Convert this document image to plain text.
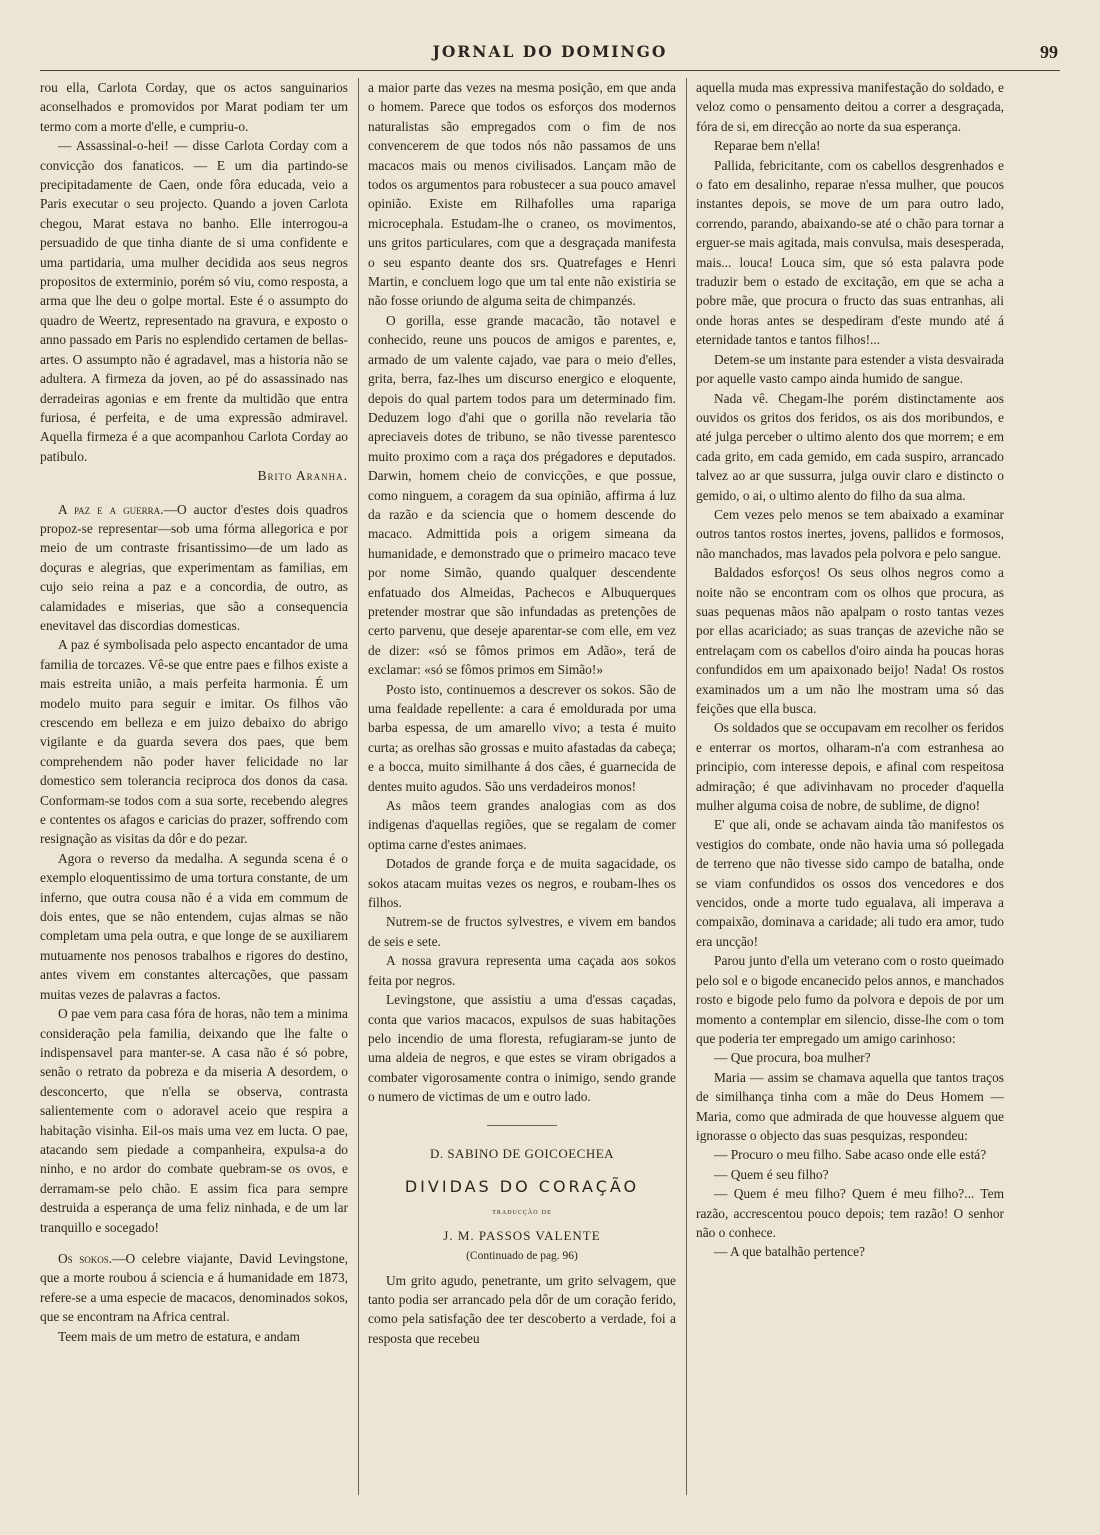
JORNAL DO DOMINGO	99

rou ella, Carlota Corday, que os actos sanguinarios aconselhados e promovidos por Marat podiam ter um termo com a morte d'elle, e cumpriu-o.

— Assassinal-o-hei! — disse Carlota Corday com a convicção dos fanaticos. — E um dia partindo-se precipitadamente de Caen, onde fôra educada, veio a Paris executar o seu projecto. Quando a joven Carlota chegou, Marat estava no banho. Elle interrogou-a persuadido de que tinha diante de si uma confidente e uma partidaria, uma mulher decidida aos seus negros propositos de exterminio, porém só viu, como resposta, a arma que lhe deu o golpe mortal. Este é o assumpto do quadro de Weertz, representado na gravura, e exposto o anno passado em Paris no esplendido certamen de bellas-artes. O assumpto não é agradavel, mas a historia não se adultera. A firmeza da joven, ao pé do assassinado nas derradeiras agonias e em frente da multidão que entra furiosa, é perfeita, e de uma expressão admiravel. Aquella firmeza é a que acompanhou Carlota Corday ao patibulo.

Brito Aranha.

A paz e a guerra.—O auctor d'estes dois quadros propoz-se representar—sob uma fórma allegorica e por meio de um contraste frisantissimo—de um lado as doçuras e alegrias, que experimentam as familias, em cujo seio reina a paz e a concordia, de outro, as calamidades e miserias, que são a consequencia enevitavel das discordias domesticas.

A paz é symbolisada pelo aspecto encantador de uma familia de torcazes. Vê-se que entre paes e filhos existe a mais estreita união, a mais perfeita harmonia. É um modelo muito para seguir e imitar. Os filhos vão crescendo em belleza e em juizo debaixo do abrigo vigilante e da guarda severa dos paes, que bem comprehendem não poder haver felicidade no lar domestico sem tolerancia reciproca dos donos da casa. Conformam-se todos com a sua sorte, recebendo alegres e contentes os afagos e caricias do prazer, soffrendo com resignação as visitas da dôr e do pezar.

Agora o reverso da medalha. A segunda scena é o exemplo eloquentissimo de uma tortura constante, de um inferno, que outra cousa não é a vida em commum de dois entes, que se não entendem, cujas almas se não completam uma pela outra, e que longe de se auxiliarem mutuamente nos penosos trabalhos e rigores do destino, antes vivem em constantes altercações, que passam muitas vezes de palavras a factos.

O pae vem para casa fóra de horas, não tem a minima consideração pela familia, deixando que lhe falte o indispensavel para manter-se. A casa não é só pobre, senão o retrato da pobreza e da miseria A desordem, o desconcerto, que n'ella se observa, contrasta salientemente com o adoravel aceio que respira a habitação visinha. Eil-os mais uma vez em lucta. O pae, atacando sem piedade a companheira, expulsa-a do ninho, e no ardor do combate quebram-se os ovos, e derramam-se pelo chão. E assim fica para sempre destruida a esperança de uma feliz ninhada, e de um lar tranquillo e socegado!

Os sokos.—O celebre viajante, David Levingstone, que a morte roubou á sciencia e á humanidade em 1873, refere-se a uma especie de macacos, denominados sokos, que se encontram na Africa central.

Teem mais de um metro de estatura, e andam

a maior parte das vezes na mesma posição, em que anda o homem. Parece que todos os esforços dos modernos naturalistas são empregados com o fim de nos convencerem de que todos nós não passamos de uns macacos mais ou menos civilisados. Lançam mão de todos os argumentos para robustecer a sua pouco amavel opinião. Existe em Rilhafolles uma rapariga microcephala. Estudam-lhe o craneo, os movimentos, uns gritos particulares, com que a desgraçada manifesta o seu espanto deante dos srs. Quatrefages e Henri Martin, e concluem logo que um tal ente não existiria se não fosse oriundo de alguma seita de chimpanzés.

O gorilla, esse grande macacão, tão notavel e conhecido, reune uns poucos de amigos e parentes, e, armado de um valente cajado, vae para o meio d'elles, grita, berra, faz-lhes um discurso energico e eloquente, depois do qual partem todos para um determinado fim. Deduzem logo d'ahi que o gorilla não revelaria tão apreciaveis dotes de tribuno, se não tivesse parentesco muito proximo com a raça dos prégadores e deputados. Darwin, homem cheio de convicções, e que possue, como ninguem, a coragem da sua opinião, affirma á luz da razão e da sciencia que o homem descende do macaco. Admittida pois a origem simeana da humanidade, e demonstrado que o primeiro macaco teve por nome Simão, quando qualquer descendente enfatuado dos Almeidas, Pachecos e Albuquerques pretender mostrar que são infundadas as pretenções de certo parvenu, que deseje aparentar-se com elle, em vez de dizer: «só se fômos primos em Adão», terá de exclamar: «só se fômos primos em Simão!»

Posto isto, continuemos a descrever os sokos. São de uma fealdade repellente: a cara é emoldurada por uma barba espessa, de um amarello vivo; a testa é muito curta; as orelhas são grossas e muito afastadas da cabeça; e a bocca, muito similhante á dos cães, é guarnecida de dentes muito agudos. São uns verdadeiros monos!

As mãos teem grandes analogias com as dos indigenas d'aquellas regiões, que se regalam de comer optima carne d'estes animaes.

Dotados de grande força e de muita sagacidade, os sokos atacam muitas vezes os negros, e roubam-lhes os filhos.

Nutrem-se de fructos sylvestres, e vivem em bandos de seis e sete.

A nossa gravura representa uma caçada aos sokos feita por negros.

Levingstone, que assistiu a uma d'essas caçadas, conta que varios macacos, expulsos de suas habitações pelo incendio de uma floresta, refugiaram-se junto de uma aldeia de negros, e que estes se viram obrigados a combater vigorosamente contra o inimigo, sendo grande o numero de victimas de um e outro lado.

D. SABINO DE GOICOECHEA
DIVIDAS DO CORAÇÃO
traducção de
J. M. PASSOS VALENTE
(Continuado de pag. 96)

Um grito agudo, penetrante, um grito selvagem, que tanto podia ser arrancado pela dôr de um coração ferido, como pela satisfação dee ter descoberto a verdade, foi a resposta que recebeu

aquella muda mas expressiva manifestação do soldado, e veloz como o pensamento deitou a correr a desgraçada, fóra de si, em direcção ao norte da sua esperança.

Reparae bem n'ella!

Pallida, febricitante, com os cabellos desgrenhados e o fato em desalinho, reparae n'essa mulher, que poucos instantes depois, se move de um para outro lado, correndo, parando, abaixando-se até o chão para tornar a erguer-se mais agitada, mais convulsa, mais desesperada, mais... louca! Louca sim, que só esta palavra pode traduzir bem o estado de excitação, em que se acha a pobre mãe, que procura o fructo das suas entranhas, ali onde horas antes se despediram d'este mundo até á eternidade tantos e tantos filhos!...

Detem-se um instante para estender a vista desvairada por aquelle vasto campo ainda humido de sangue.

Nada vê. Chegam-lhe porém distinctamente aos ouvidos os gritos dos feridos, os ais dos moribundos, e até julga perceber o ultimo alento dos que morrem; e em cada grito, em cada gemido, em cada suspiro, arrancado talvez ao ar que sussurra, julga ouvir claro e distincto o gemido, o ai, o ultimo alento do filho da sua alma.

Cem vezes pelo menos se tem abaixado a examinar outros tantos rostos inertes, jovens, pallidos e formosos, não manchados, mas lavados pela polvora e pelo sangue.

Baldados esforços! Os seus olhos negros como a noite não se encontram com os olhos que procura, as suas pequenas mãos não apalpam o rosto tantas vezes por ellas acariciado; as suas tranças de azeviche não se entrelaçam com os cabellos d'oiro ainda ha poucas horas confundidos em um apaixonado beijo! Nada! Os rostos examinados um a um não lhe mostram uma só das feições que ella busca.

Os soldados que se occupavam em recolher os feridos e enterrar os mortos, olharam-n'a com estranhesa ao principio, com interesse depois, e afinal com respeitosa admiração; é que adivinhavam no proceder d'aquella mulher alguma coisa de nobre, de sublime, de digno!

E' que ali, onde se achavam ainda tão manifestos os vestigios do combate, onde não havia uma só pollegada de terreno que não tivesse sido campo de batalha, onde se viam confundidos os ossos dos vencedores e dos vencidos, onde a morte tudo egualava, ali imperava a compaixão, dominava a caridade; ali tudo era amor, tudo era uncção!

Parou junto d'ella um veterano com o rosto queimado pelo sol e o bigode encanecido pelos annos, e manchados rosto e bigode pelo fumo da polvora e depois de por um momento a contemplar em silencio, disse-lhe com o tom que poderia ter empregado um amigo carinhoso:

— Que procura, boa mulher?

Maria — assim se chamava aquella que tantos traços de similhança tinha com a mãe do Deus Homem — Maria, como que admirada de que houvesse alguem que ignorasse o objecto das suas pesquizas, respondeu:

— Procuro o meu filho. Sabe acaso onde elle está?

— Quem é seu filho?

— Quem é meu filho? Quem é meu filho?... Tem razão, accrescentou pouco depois; tem razão! O senhor não o conhece.

— A que batalhão pertence?
